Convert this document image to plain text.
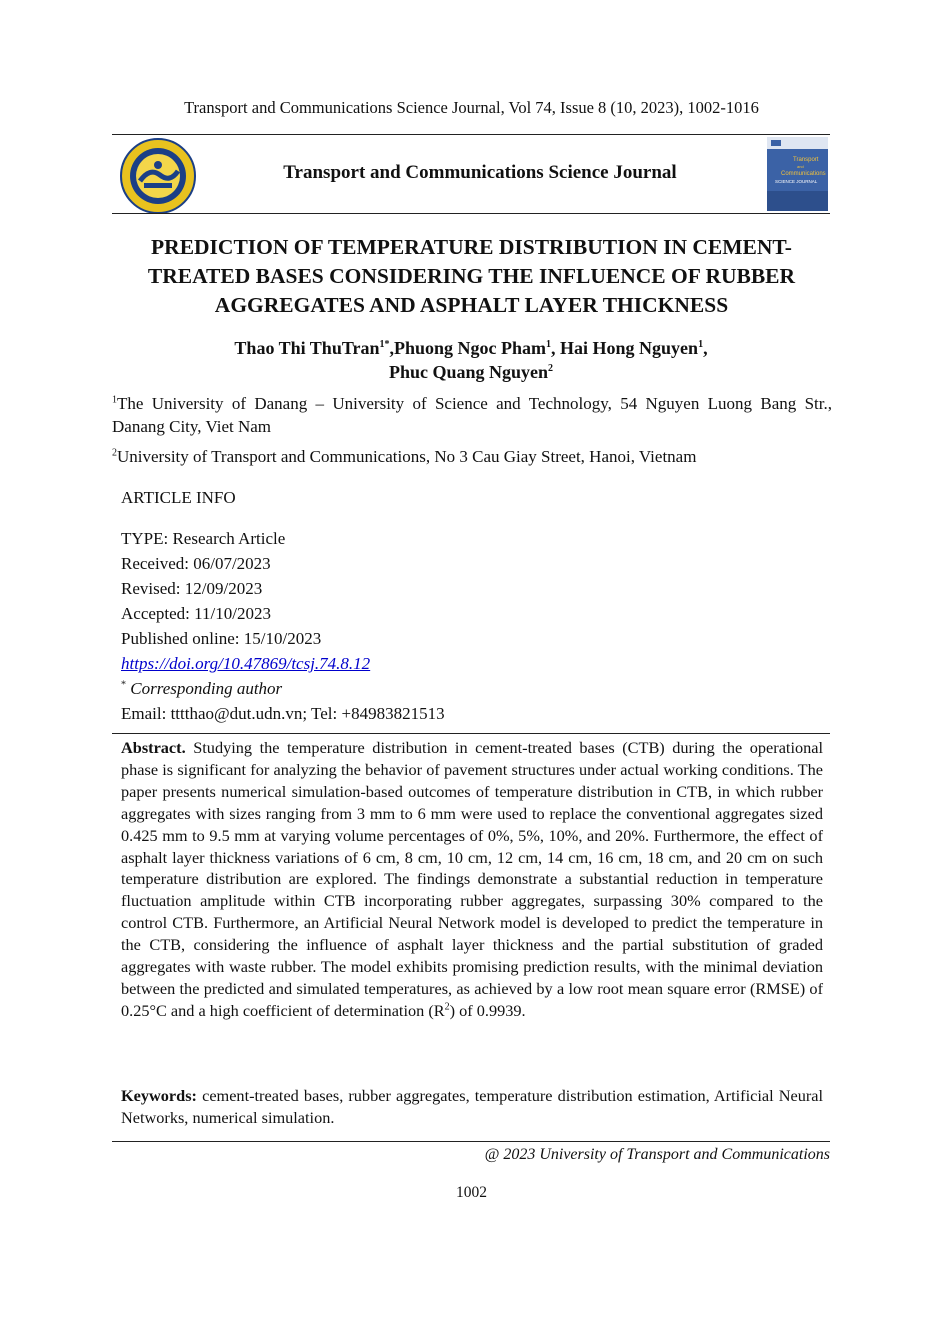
Transport and Communications Science Journal, Vol 74, Issue 8 (10, 2023), 1002-1016
Transport and Communications Science Journal
Transport
and
Communications
SCIENCE JOURNAL
PREDICTION OF TEMPERATURE DISTRIBUTION IN CEMENT-TREATED BASES CONSIDERING THE INFLUENCE OF RUBBER AGGREGATES AND ASPHALT LAYER THICKNESS
Thao Thi ThuTran$^{1*}$,Phuong Ngoc Pham$^1$, Hai Hong Nguyen$^1$,
Phuc Quang Nguyen$^2$
$^1$The University of Danang – University of Science and Technology, 54 Nguyen Luong Bang Str., Danang City, Viet Nam
$^2$University of Transport and Communications, No 3 Cau Giay Street, Hanoi, Vietnam
ARTICLE INFO
TYPE: Research Article
Received: 06/07/2023
Revised: 12/09/2023
Accepted: 11/10/2023
Published online: 15/10/2023
https://doi.org/10.47869/tcsj.74.8.12
* Corresponding author
Email: tttthao@dut.udn.vn; Tel: +84983821513
Abstract. Studying the temperature distribution in cement-treated bases (CTB) during the operational phase is significant for analyzing the behavior of pavement structures under actual working conditions. The paper presents numerical simulation-based outcomes of temperature distribution in CTB, in which rubber aggregates with sizes ranging from 3 mm to 6 mm were used to replace the conventional aggregates sized 0.425 mm to 9.5 mm at varying volume percentages of 0%, 5%, 10%, and 20%. Furthermore, the effect of asphalt layer thickness variations of 6 cm, 8 cm, 10 cm, 12 cm, 14 cm, 16 cm, 18 cm, and 20 cm on such temperature distribution are explored. The findings demonstrate a substantial reduction in temperature fluctuation amplitude within CTB incorporating rubber aggregates, surpassing 30% compared to the control CTB. Furthermore, an Artificial Neural Network model is developed to predict the temperature in the CTB, considering the influence of asphalt layer thickness and the partial substitution of graded aggregates with waste rubber. The model exhibits promising prediction results, with the minimal deviation between the predicted and simulated temperatures, as achieved by a low root mean square error (RMSE) of 0.25°C and a high coefficient of determination $(R^2)$ of 0.9939.
Keywords: cement-treated bases, rubber aggregates, temperature distribution estimation, Artificial Neural Networks, numerical simulation.
@ 2023 University of Transport and Communications
1002
